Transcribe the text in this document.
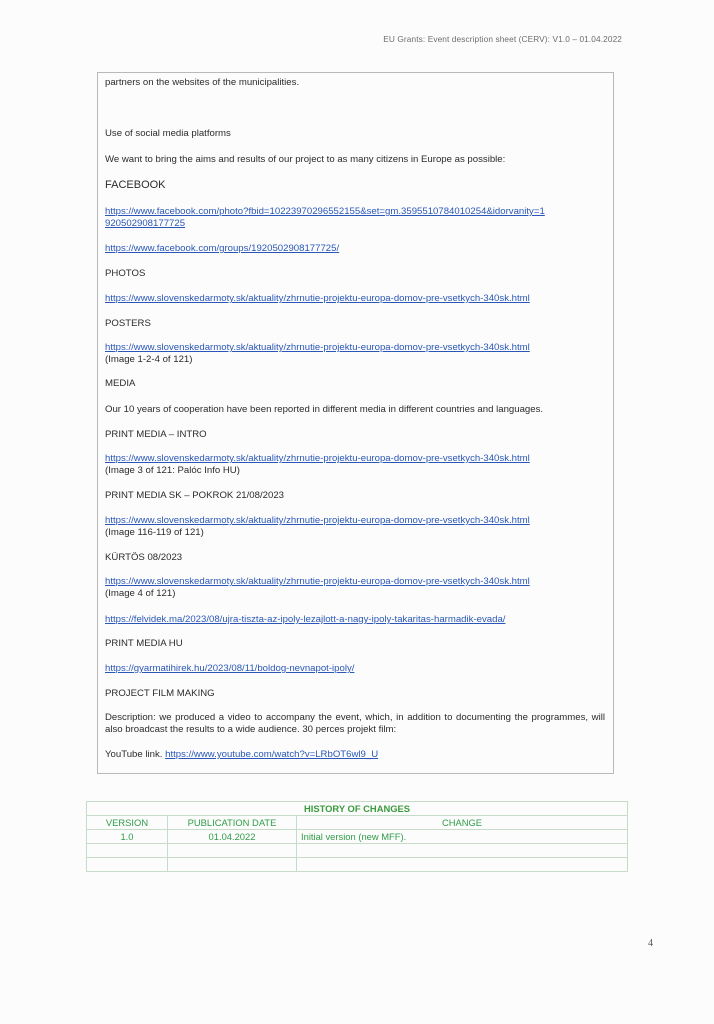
EU Grants: Event description sheet (CERV): V1.0 – 01.04.2022
partners on the websites of the municipalities.
Use of social media platforms
We want to bring the aims and results of our project to as many citizens in Europe as possible:
FACEBOOK
https://www.facebook.com/photo?fbid=10223970296552155&set=gm.3595510784010254&idorvanity=1
920502908177725
https://www.facebook.com/groups/1920502908177725/
PHOTOS
https://www.slovenskedarmoty.sk/aktuality/zhrnutie-projektu-europa-domov-pre-vsetkych-340sk.html
POSTERS
https://www.slovenskedarmoty.sk/aktuality/zhrnutie-projektu-europa-domov-pre-vsetkych-340sk.html
(Image 1-2-4 of 121)
MEDIA
Our 10 years of cooperation have been reported in different media in different countries and languages.
PRINT MEDIA – INTRO
https://www.slovenskedarmoty.sk/aktuality/zhrnutie-projektu-europa-domov-pre-vsetkych-340sk.html
(Image 3 of 121: Palóc Info HU)
PRINT MEDIA SK – POKROK 21/08/2023
https://www.slovenskedarmoty.sk/aktuality/zhrnutie-projektu-europa-domov-pre-vsetkych-340sk.html
(Image 116-119 of 121)
KÜRTÖS 08/2023
https://www.slovenskedarmoty.sk/aktuality/zhrnutie-projektu-europa-domov-pre-vsetkych-340sk.html
(Image 4 of 121)
https://felvidek.ma/2023/08/ujra-tiszta-az-ipoly-lezajlott-a-nagy-ipoly-takaritas-harmadik-evada/
PRINT MEDIA HU
https://gyarmatihirek.hu/2023/08/11/boldog-nevnapot-ipoly/
PROJECT FILM MAKING
Description: we produced a video to accompany the event, which, in addition to documenting the programmes, will also broadcast the results to a wide audience. 30 perces projekt film:
YouTube link. https://www.youtube.com/watch?v=LRbOT6wl9_U
HISTORY OF CHANGES		
VERSION	PUBLICATION DATE	CHANGE
1.0	01.04.2022	Initial version (new MFF).

4
